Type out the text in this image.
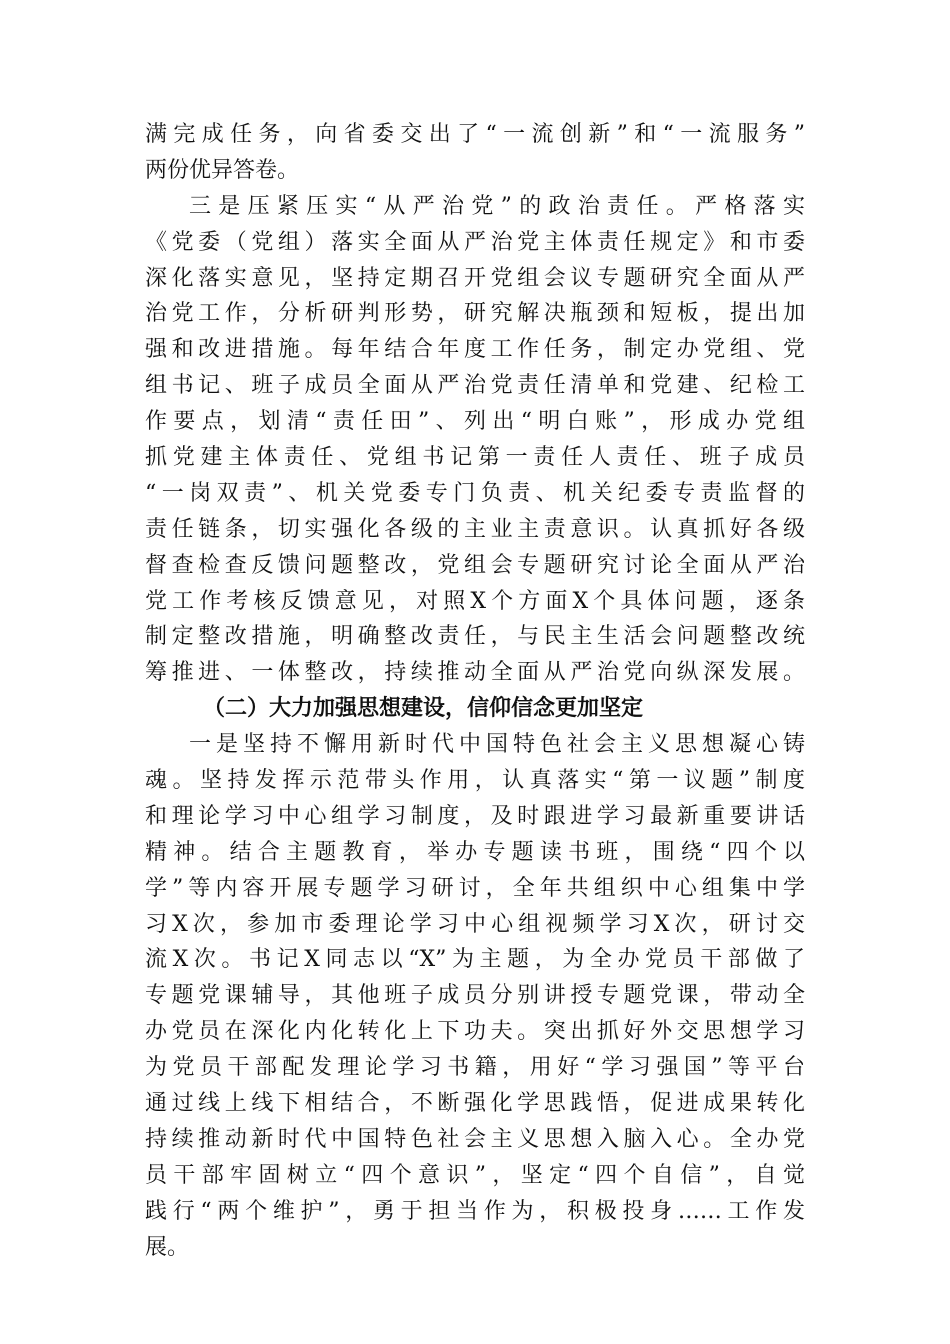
满完成任务，向省委交出了“一流创新”和“一流服务”
两份优异答卷。
三是压紧压实“从严治党”的政治责任。严格落实
《党委（党组）落实全面从严治党主体责任规定》和市委
深化落实意见，坚持定期召开党组会议专题研究全面从严
治党工作，分析研判形势，研究解决瓶颈和短板，提出加
强和改进措施。每年结合年度工作任务，制定办党组、党
组书记、班子成员全面从严治党责任清单和党建、纪检工
作要点，划清“责任田”、列出“明白账”，形成办党组
抓党建主体责任、党组书记第一责任人责任、班子成员
“一岗双责”、机关党委专门负责、机关纪委专责监督的
责任链条，切实强化各级的主业主责意识。认真抓好各级
督查检查反馈问题整改，党组会专题研究讨论全面从严治
党工作考核反馈意见，对照X个方面X个具体问题，逐条
制定整改措施，明确整改责任，与民主生活会问题整改统
筹推进、一体整改，持续推动全面从严治党向纵深发展。
（二）大力加强思想建设，信仰信念更加坚定
一是坚持不懈用新时代中国特色社会主义思想凝心铸
魂。坚持发挥示范带头作用，认真落实“第一议题”制度
和理论学习中心组学习制度，及时跟进学习最新重要讲话
精神。结合主题教育，举办专题读书班，围绕“四个以
学”等内容开展专题学习研讨，全年共组织中心组集中学
习X次，参加市委理论学习中心组视频学习X次，研讨交
流X次。书记X同志以“X”为主题，为全办党员干部做了
专题党课辅导，其他班子成员分别讲授专题党课，带动全
办党员在深化内化转化上下功夫。突出抓好外交思想学习
为党员干部配发理论学习书籍，用好“学习强国”等平台
通过线上线下相结合，不断强化学思践悟，促进成果转化
持续推动新时代中国特色社会主义思想入脑入心。全办党
员干部牢固树立“四个意识”，坚定“四个自信”，自觉
践行“两个维护”，勇于担当作为，积极投身……工作发
展。
